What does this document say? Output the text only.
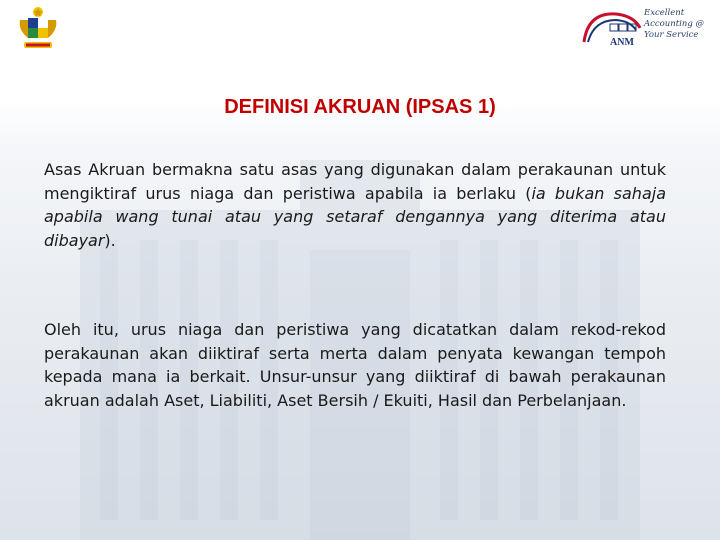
ANM
Excellent
Accounting @
Your Service
DEFINISI AKRUAN (IPSAS 1)

Asas Akruan bermakna satu asas yang digunakan dalam perakaunan untuk mengiktiraf urus niaga dan peristiwa apabila ia berlaku (ia bukan sahaja apabila wang tunai atau yang setaraf dengannya yang diterima atau dibayar).

Oleh itu, urus niaga dan peristiwa yang dicatatkan dalam rekod-rekod perakaunan akan diiktiraf serta merta dalam penyata kewangan tempoh kepada mana ia berkait. Unsur-unsur yang diiktiraf di bawah perakaunan akruan adalah Aset, Liabiliti, Aset Bersih / Ekuiti, Hasil dan Perbelanjaan.
